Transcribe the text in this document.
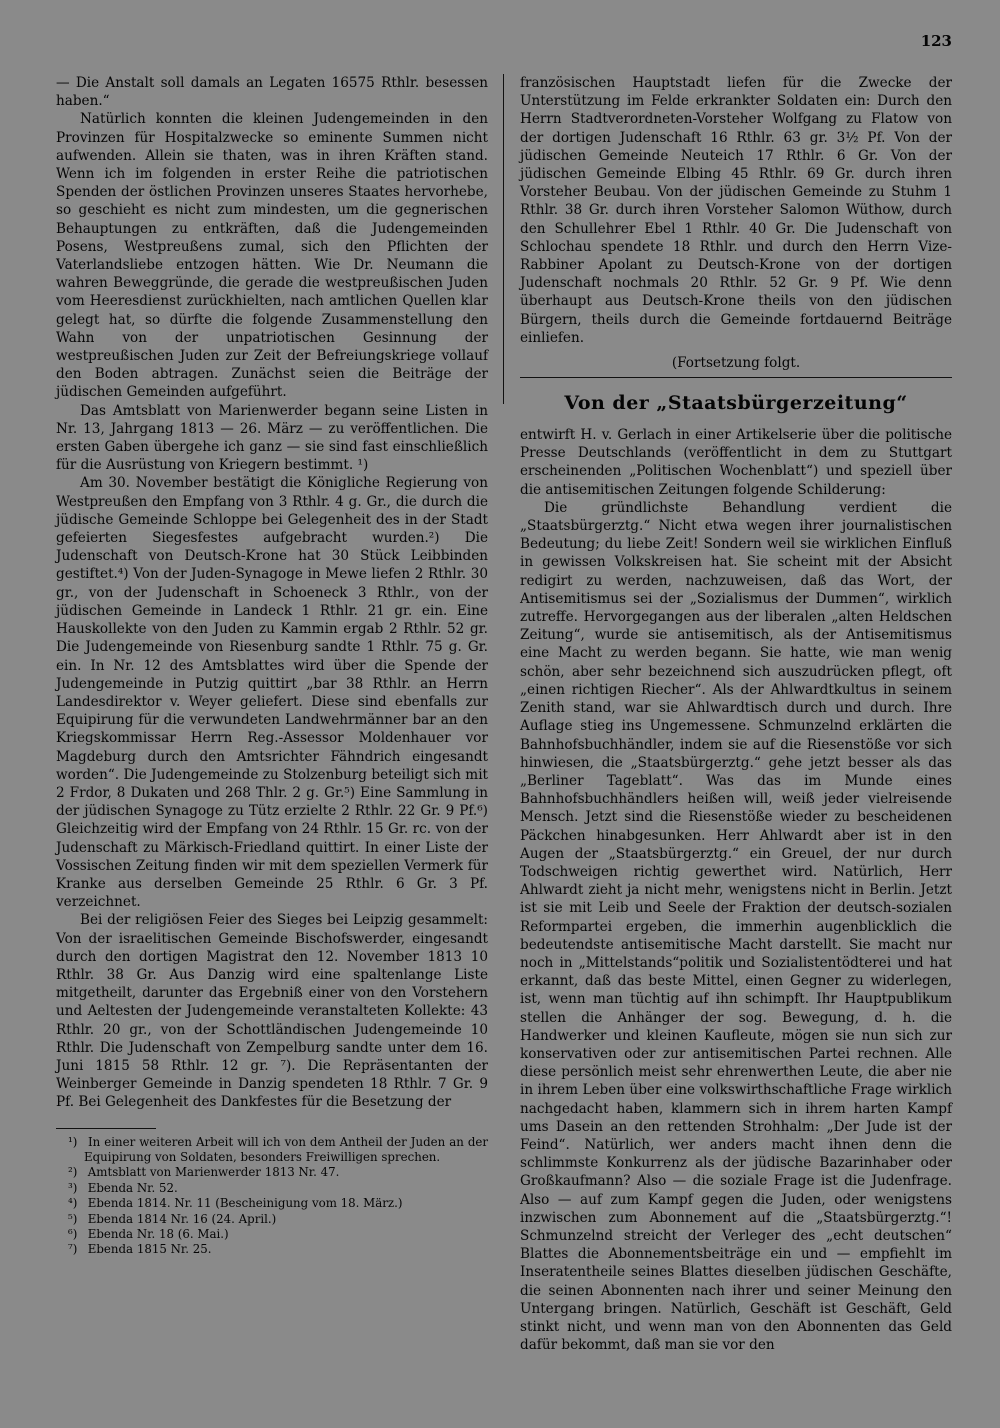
123

— Die Anstalt soll damals an Legaten 16575 Rthlr. besessen haben.“

Natürlich konnten die kleinen Judengemeinden in den Provinzen für Hospitalzwecke so eminente Summen nicht aufwenden. Allein sie thaten, was in ihren Kräften stand. Wenn ich im folgenden in erster Reihe die patriotischen Spenden der östlichen Provinzen unseres Staates hervorhebe, so geschieht es nicht zum mindesten, um die gegnerischen Behauptungen zu entkräften, daß die Judengemeinden Posens, Westpreußens zumal, sich den Pflichten der Vaterlandsliebe entzogen hätten. Wie Dr. Neumann die wahren Beweggründe, die gerade die westpreußischen Juden vom Heeresdienst zurückhielten, nach amtlichen Quellen klar gelegt hat, so dürfte die folgende Zusammenstellung den Wahn von der unpatriotischen Gesinnung der westpreußischen Juden zur Zeit der Befreiungskriege vollauf den Boden abtragen. Zunächst seien die Beiträge der jüdischen Gemeinden aufgeführt.

Das Amtsblatt von Marienwerder begann seine Listen in Nr. 13, Jahrgang 1813 — 26. März — zu veröffentlichen. Die ersten Gaben übergehe ich ganz — sie sind fast einschließlich für die Ausrüstung von Kriegern bestimmt. ¹)

Am 30. November bestätigt die Königliche Regierung von Westpreußen den Empfang von 3 Rthlr. 4 g. Gr., die durch die jüdische Gemeinde Schloppe bei Gelegenheit des in der Stadt gefeierten Siegesfestes aufgebracht wurden.²) Die Judenschaft von Deutsch-Krone hat 30 Stück Leibbinden gestiftet.⁴) Von der Juden-Synagoge in Mewe liefen 2 Rthlr. 30 gr., von der Judenschaft in Schoeneck 3 Rthlr., von der jüdischen Gemeinde in Landeck 1 Rthlr. 21 gr. ein. Eine Hauskollekte von den Juden zu Kammin ergab 2 Rthlr. 52 gr. Die Judengemeinde von Riesenburg sandte 1 Rthlr. 75 g. Gr. ein. In Nr. 12 des Amtsblattes wird über die Spende der Judengemeinde in Putzig quittirt „bar 38 Rthlr. an Herrn Landesdirektor v. Weyer geliefert. Diese sind ebenfalls zur Equipirung für die verwundeten Landwehrmänner bar an den Kriegskommissar Herrn Reg.-Assessor Moldenhauer vor Magdeburg durch den Amtsrichter Fähndrich eingesandt worden“. Die Judengemeinde zu Stolzenburg beteiligt sich mit 2 Frdor, 8 Dukaten und 268 Thlr. 2 g. Gr.⁵) Eine Sammlung in der jüdischen Synagoge zu Tütz erzielte 2 Rthlr. 22 Gr. 9 Pf.⁶) Gleichzeitig wird der Empfang von 24 Rthlr. 15 Gr. rc. von der Judenschaft zu Märkisch-Friedland quittirt. In einer Liste der Vossischen Zeitung finden wir mit dem speziellen Vermerk für Kranke aus derselben Gemeinde 25 Rthlr. 6 Gr. 3 Pf. verzeichnet.

Bei der religiösen Feier des Sieges bei Leipzig gesammelt: Von der israelitischen Gemeinde Bischofswerder, eingesandt durch den dortigen Magistrat den 12. November 1813 10 Rthlr. 38 Gr. Aus Danzig wird eine spaltenlange Liste mitgetheilt, darunter das Ergebniß einer von den Vorstehern und Aeltesten der Judengemeinde veranstalteten Kollekte: 43 Rthlr. 20 gr., von der Schottländischen Judengemeinde 10 Rthlr. Die Judenschaft von Zempelburg sandte unter dem 16. Juni 1815 58 Rthlr. 12 gr. ⁷). Die Repräsentanten der Weinberger Gemeinde in Danzig spendeten 18 Rthlr. 7 Gr. 9 Pf. Bei Gelegenheit des Dankfestes für die Besetzung der

¹) In einer weiteren Arbeit will ich von dem Antheil der Juden an der Equipirung von Soldaten, besonders Freiwilligen sprechen.

²) Amtsblatt von Marienwerder 1813 Nr. 47.

³) Ebenda Nr. 52.

⁴) Ebenda 1814. Nr. 11 (Bescheinigung vom 18. März.)

⁵) Ebenda 1814 Nr. 16 (24. April.)

⁶) Ebenda Nr. 18 (6. Mai.)

⁷) Ebenda 1815 Nr. 25.

französischen Hauptstadt liefen für die Zwecke der Unterstützung im Felde erkrankter Soldaten ein: Durch den Herrn Stadtverordneten-Vorsteher Wolfgang zu Flatow von der dortigen Judenschaft 16 Rthlr. 63 gr. 3½ Pf. Von der jüdischen Gemeinde Neuteich 17 Rthlr. 6 Gr. Von der jüdischen Gemeinde Elbing 45 Rthlr. 69 Gr. durch ihren Vorsteher Beubau. Von der jüdischen Gemeinde zu Stuhm 1 Rthlr. 38 Gr. durch ihren Vorsteher Salomon Wüthow, durch den Schullehrer Ebel 1 Rthlr. 40 Gr. Die Judenschaft von Schlochau spendete 18 Rthlr. und durch den Herrn Vize-Rabbiner Apolant zu Deutsch-Krone von der dortigen Judenschaft nochmals 20 Rthlr. 52 Gr. 9 Pf. Wie denn überhaupt aus Deutsch-Krone theils von den jüdischen Bürgern, theils durch die Gemeinde fortdauernd Beiträge einliefen.

(Fortsetzung folgt.

Von der „Staatsbürgerzeitung“

entwirft H. v. Gerlach in einer Artikelserie über die politische Presse Deutschlands (veröffentlicht in dem zu Stuttgart erscheinenden „Politischen Wochenblatt“) und speziell über die antisemitischen Zeitungen folgende Schilderung:

Die gründlichste Behandlung verdient die „Staatsbürgerztg.“ Nicht etwa wegen ihrer journalistischen Bedeutung; du liebe Zeit! Sondern weil sie wirklichen Einfluß in gewissen Volkskreisen hat. Sie scheint mit der Absicht redigirt zu werden, nachzuweisen, daß das Wort, der Antisemitismus sei der „Sozialismus der Dummen“, wirklich zutreffe. Hervorgegangen aus der liberalen „alten Heldschen Zeitung“, wurde sie antisemitisch, als der Antisemitismus eine Macht zu werden begann. Sie hatte, wie man wenig schön, aber sehr bezeichnend sich auszudrücken pflegt, oft „einen richtigen Riecher“. Als der Ahlwardtkultus in seinem Zenith stand, war sie Ahlwardtisch durch und durch. Ihre Auflage stieg ins Ungemessene. Schmunzelnd erklärten die Bahnhofsbuchhändler, indem sie auf die Riesenstöße vor sich hinwiesen, die „Staatsbürgerztg.“ gehe jetzt besser als das „Berliner Tageblatt“. Was das im Munde eines Bahnhofsbuchhändlers heißen will, weiß jeder vielreisende Mensch. Jetzt sind die Riesenstöße wieder zu bescheidenen Päckchen hinabgesunken. Herr Ahlwardt aber ist in den Augen der „Staatsbürgerztg.“ ein Greuel, der nur durch Todschweigen richtig gewerthet wird. Natürlich, Herr Ahlwardt zieht ja nicht mehr, wenigstens nicht in Berlin. Jetzt ist sie mit Leib und Seele der Fraktion der deutsch-sozialen Reformpartei ergeben, die immerhin augenblicklich die bedeutendste antisemitische Macht darstellt. Sie macht nur noch in „Mittelstands“politik und Sozialistentödterei und hat erkannt, daß das beste Mittel, einen Gegner zu widerlegen, ist, wenn man tüchtig auf ihn schimpft. Ihr Hauptpublikum stellen die Anhänger der sog. Bewegung, d. h. die Handwerker und kleinen Kaufleute, mögen sie nun sich zur konservativen oder zur antisemitischen Partei rechnen. Alle diese persönlich meist sehr ehrenwerthen Leute, die aber nie in ihrem Leben über eine volkswirthschaftliche Frage wirklich nachgedacht haben, klammern sich in ihrem harten Kampf ums Dasein an den rettenden Strohhalm: „Der Jude ist der Feind“. Natürlich, wer anders macht ihnen denn die schlimmste Konkurrenz als der jüdische Bazarinhaber oder Großkaufmann? Also — die soziale Frage ist die Judenfrage. Also — auf zum Kampf gegen die Juden, oder wenigstens inzwischen zum Abonnement auf die „Staatsbürgerztg.“! Schmunzelnd streicht der Verleger des „echt deutschen“ Blattes die Abonnementsbeiträge ein und — empfiehlt im Inseratentheile seines Blattes dieselben jüdischen Geschäfte, die seinen Abonnenten nach ihrer und seiner Meinung den Untergang bringen. Natürlich, Geschäft ist Geschäft, Geld stinkt nicht, und wenn man von den Abonnenten das Geld dafür bekommt, daß man sie vor den
